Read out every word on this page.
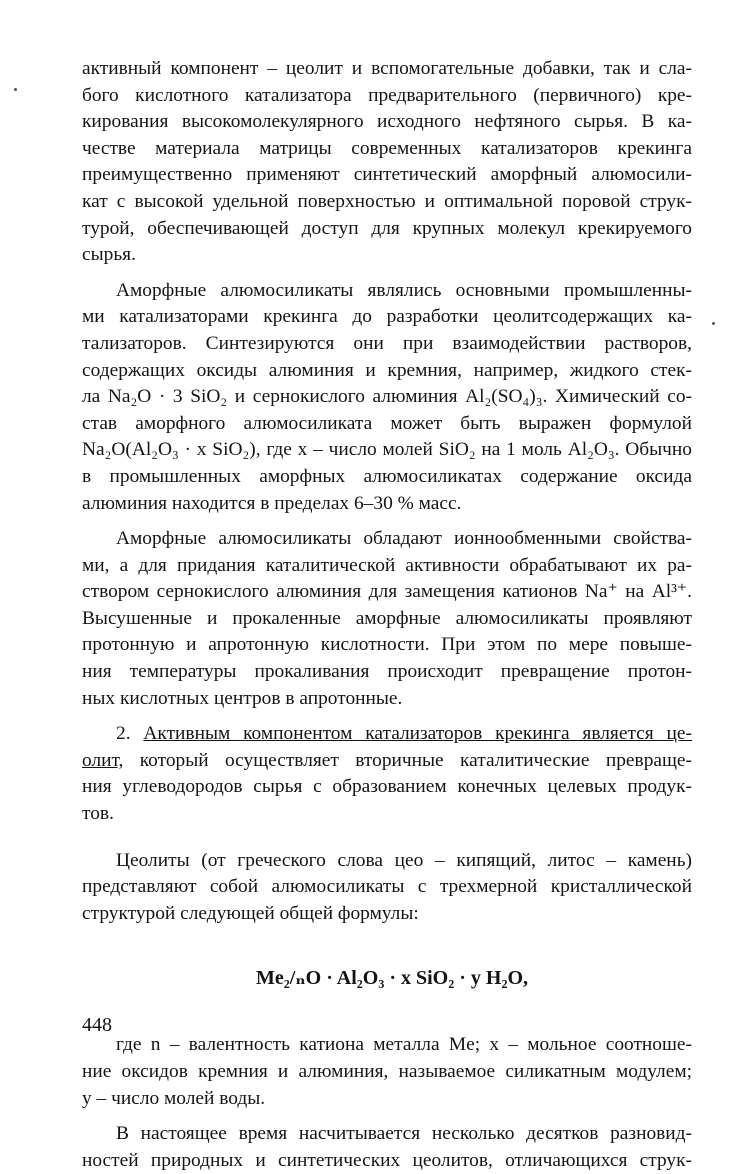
активный компонент – цеолит и вспомогательные добавки, так и сла-
бого кислотного катализатора предварительного (первичного) кре-
кирования высокомолекулярного исходного нефтяного сырья. В ка-
честве материала матрицы современных катализаторов крекинга
преимущественно применяют синтетический аморфный алюмосили-
кат с высокой удельной поверхностью и оптимальной поровой струк-
турой, обеспечивающей доступ для крупных молекул крекируемого
сырья.

Аморфные алюмосиликаты являлись основными промышленны-
ми катализаторами крекинга до разработки цеолитсодержащих ка-
тализаторов. Синтезируются они при взаимодействии растворов,
содержащих оксиды алюминия и кремния, например, жидкого стек-
ла Na₂O · 3 SiO₂ и сернокислого алюминия Al₂(SO₄)₃. Химический со-
став аморфного алюмосиликата может быть выражен формулой
Na₂O(Al₂O₃ · x SiO₂), где x – число молей SiO₂ на 1 моль Al₂O₃. Обычно
в промышленных аморфных алюмосиликатах содержание оксида
алюминия находится в пределах 6–30 % масс.

Аморфные алюмосиликаты обладают ионнообменными свойства-
ми, а для придания каталитической активности обрабатывают их ра-
створом сернокислого алюминия для замещения катионов Na⁺ на Al³⁺.
Высушенные и прокаленные аморфные алюмосиликаты проявляют
протонную и апротонную кислотности. При этом по мере повыше-
ния температуры прокаливания происходит превращение протон-
ных кислотных центров в апротонные.

2. Активным компонентом катализаторов крекинга является це-
олит, который осуществляет вторичные каталитические превраще-
ния углеводородов сырья с образованием конечных целевых продук-
тов.

Цеолиты (от греческого слова цео – кипящий, литос – камень)
представляют собой алюмосиликаты с трехмерной кристаллической
структурой следующей общей формулы:

Me₂/ₙO · Al₂O₃ · x SiO₂ · y H₂O,

где n – валентность катиона металла Me; x – мольное соотноше-
ние оксидов кремния и алюминия, называемое силикатным модулем;
y – число молей воды.

В настоящее время насчитывается несколько десятков разновид-
ностей природных и синтетических цеолитов, отличающихся струк-

448
